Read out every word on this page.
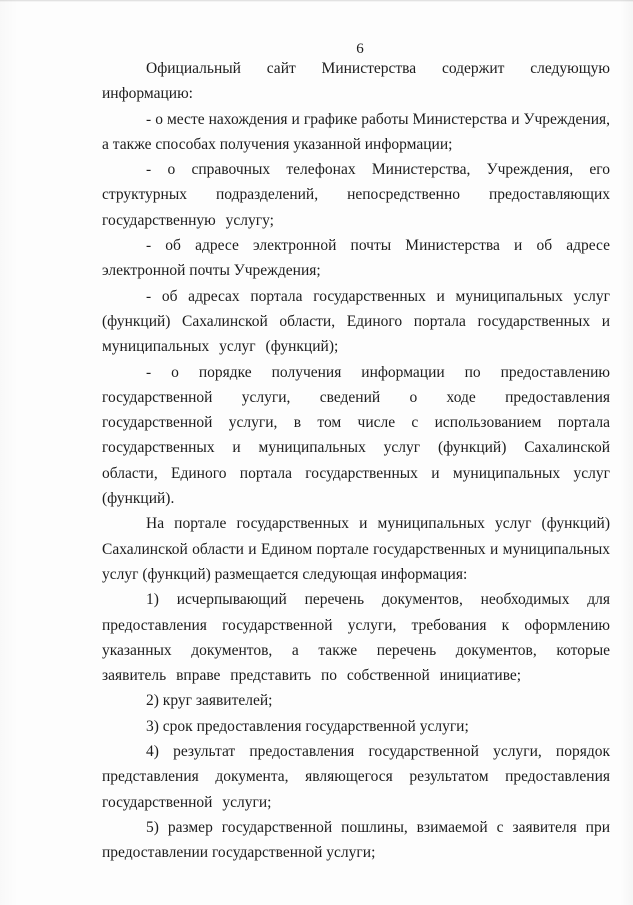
6

Официальный сайт Министерства содержит следующую информацию:

- о месте нахождения и графике работы Министерства и Учреждения, а также способах получения указанной информации;

- о справочных телефонах Министерства, Учреждения, его структурных подразделений, непосредственно предоставляющих государственную услугу;

- об адресе электронной почты Министерства и об адресе электронной почты Учреждения;

- об адресах портала государственных и муниципальных услуг (функций) Сахалинской области, Единого портала государственных и муниципальных услуг (функций);

- о порядке получения информации по предоставлению государственной услуги, сведений о ходе предоставления государственной услуги, в том числе с использованием портала государственных и муниципальных услуг (функций) Сахалинской области, Единого портала государственных и муниципальных услуг (функций).

На портале государственных и муниципальных услуг (функций) Сахалинской области и Едином портале государственных и муниципальных услуг (функций) размещается следующая информация:

1) исчерпывающий перечень документов, необходимых для предоставления государственной услуги, требования к оформлению указанных документов, а также перечень документов, которые заявитель вправе представить по собственной инициативе;

2) круг заявителей;

3) срок предоставления государственной услуги;

4) результат предоставления государственной услуги, порядок представления документа, являющегося результатом предоставления государственной услуги;

5) размер государственной пошлины, взимаемой с заявителя при предоставлении государственной услуги;
